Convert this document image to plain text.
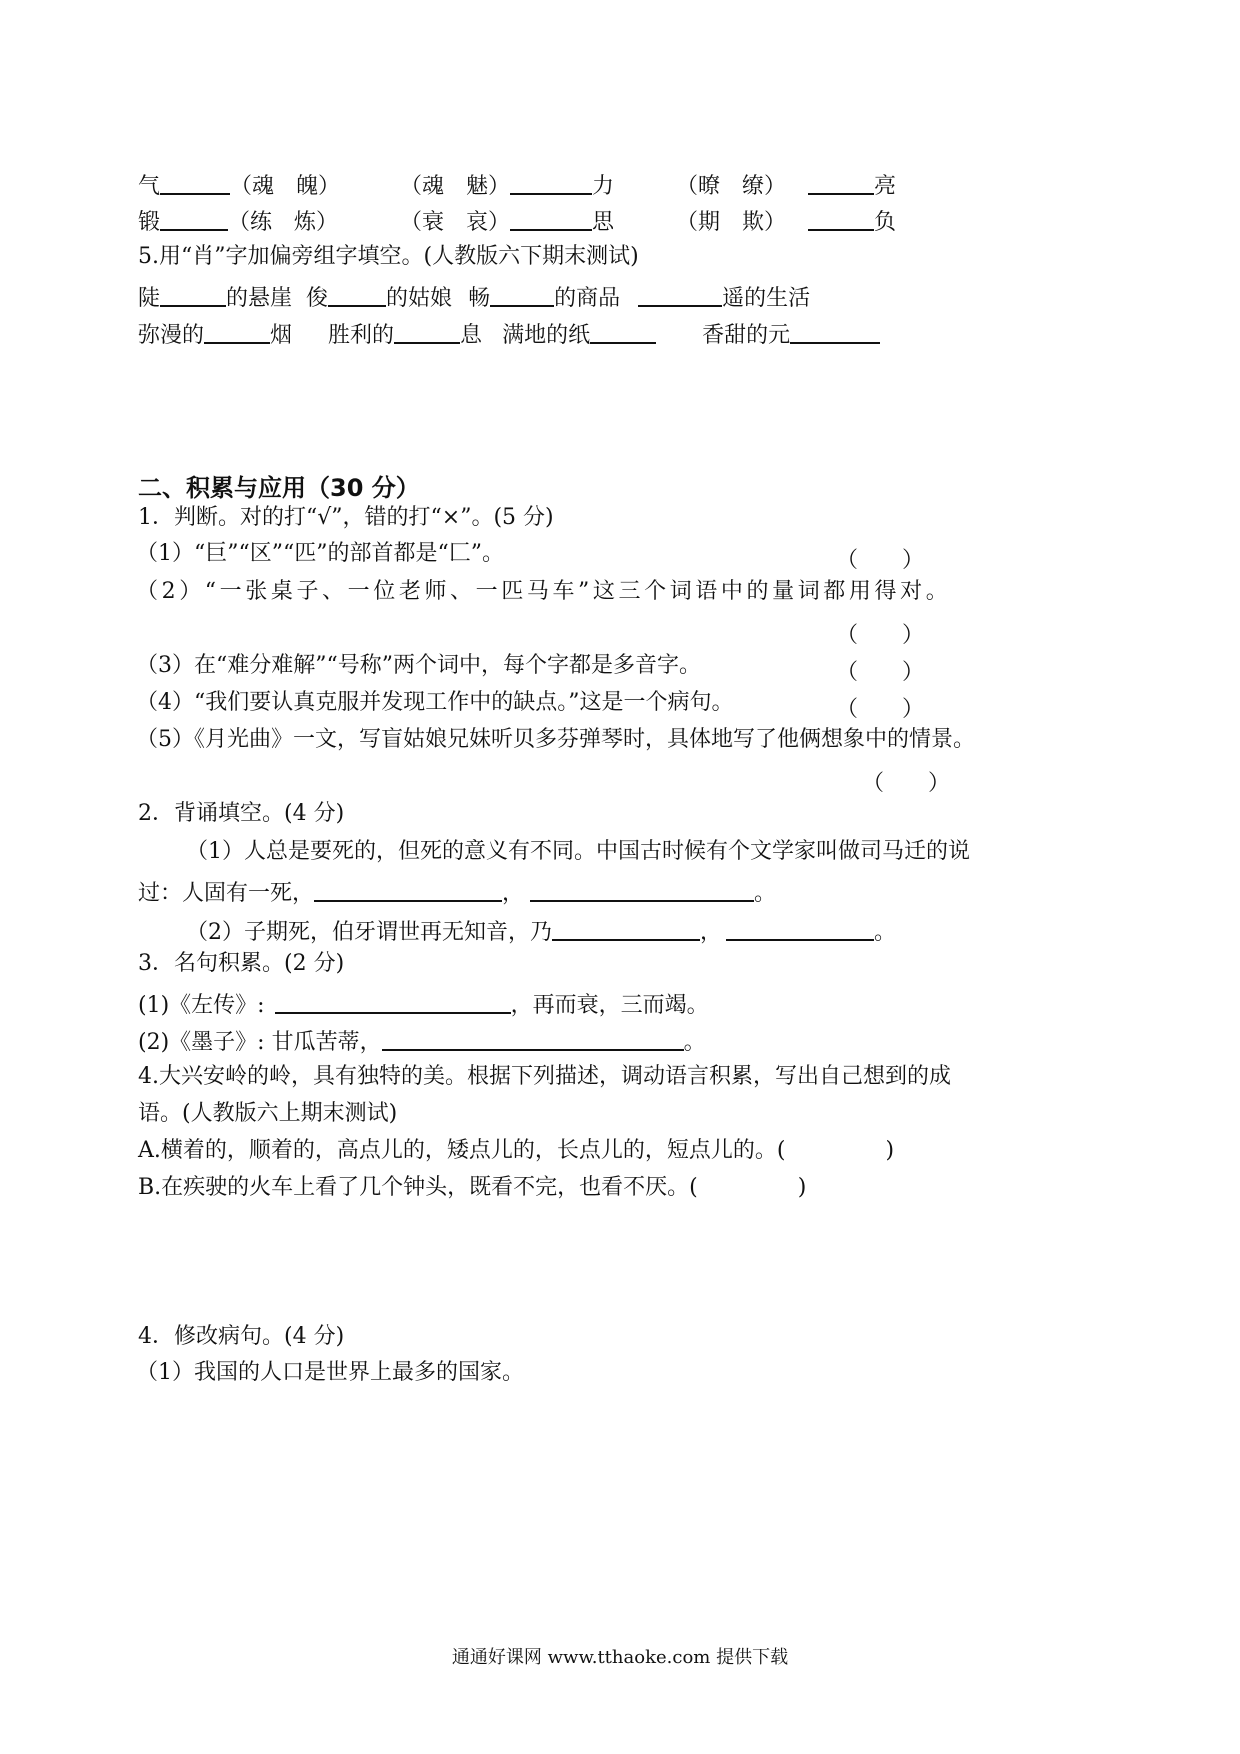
气	（魂　魄）	（魂　魅）	力	（暸　缭）	亮
锻	（练　炼）	（衰　哀）	思	（期　欺）	负
5.用“肖”字加偏旁组字填空。(人教版六下期末测试)
陡	的悬崖 俊	的姑娘 畅	的商品	遥的生活
弥漫的	烟 胜利的	息 满地的纸	香甜的元
二、积累与应用（30 分）
1．判断。对的打“√”，错的打“×”。(5 分)
（1）“巨”“区”“匹”的部首都是“匚”。	（　　）
（2）“一张桌子、一位老师、一匹马车”这三个词语中的量词都用得对。
（　　）
（3）在“难分难解”“号称”两个词中，每个字都是多音字。	（　　）
（4）“我们要认真克服并发现工作中的缺点。”这是一个病句。	（　　）
（5）《月光曲》一文，写盲姑娘兄妹听贝多芬弹琴时，具体地写了他俩想象中的情景。
（　　）
2．背诵填空。(4 分)
（1）人总是要死的，但死的意义有不同。中国古时候有个文学家叫做司马迁的说
过：人固有一死，	，	。
（2）子期死，伯牙谓世再无知音，乃	，	。
3．名句积累。(2 分)
(1)《左传》:	，再而衰，三而竭。
(2)《墨子》: 甘瓜苦蒂，	。
4.大兴安岭的岭，具有独特的美。根据下列描述，调动语言积累，写出自己想到的成
语。(人教版六上期末测试)
A.横着的，顺着的，高点儿的，矮点儿的，长点儿的，短点儿的。(	)
B.在疾驶的火车上看了几个钟头，既看不完，也看不厌。(	)
4．修改病句。(4 分)
（1）我国的人口是世界上最多的国家。
通通好课网 www.tthaoke.com 提供下载
